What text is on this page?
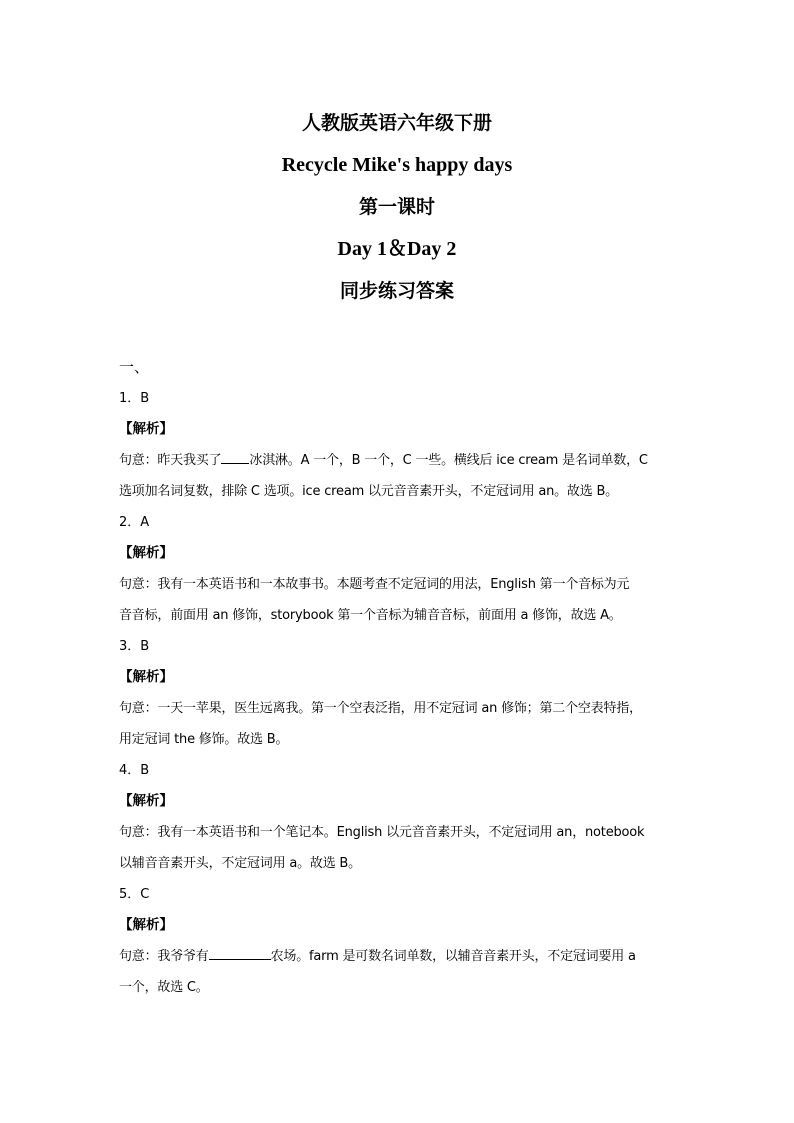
人教版英语六年级下册
Recycle Mike's happy days
第一课时
Day 1＆Day 2
同步练习答案
一、
1．B
【解析】
句意：昨天我买了 冰淇淋。A 一个，B 一个，C 一些。横线后 ice cream 是名词单数，C
选项加名词复数，排除 C 选项。ice cream 以元音音素开头，不定冠词用 an。故选 B。
2．A
【解析】
句意：我有一本英语书和一本故事书。本题考查不定冠词的用法，English 第一个音标为元
音音标，前面用 an 修饰，storybook 第一个音标为辅音音标，前面用 a 修饰，故选 A。
3．B
【解析】
句意：一天一苹果，医生远离我。第一个空表泛指，用不定冠词 an 修饰；第二个空表特指，
用定冠词 the 修饰。故选 B。
4．B
【解析】
句意：我有一本英语书和一个笔记本。English 以元音音素开头，不定冠词用 an，notebook
以辅音音素开头，不定冠词用 a。故选 B。
5．C
【解析】
句意：我爷爷有	农场。farm 是可数名词单数，以辅音音素开头，不定冠词要用 a
一个，故选 C。
